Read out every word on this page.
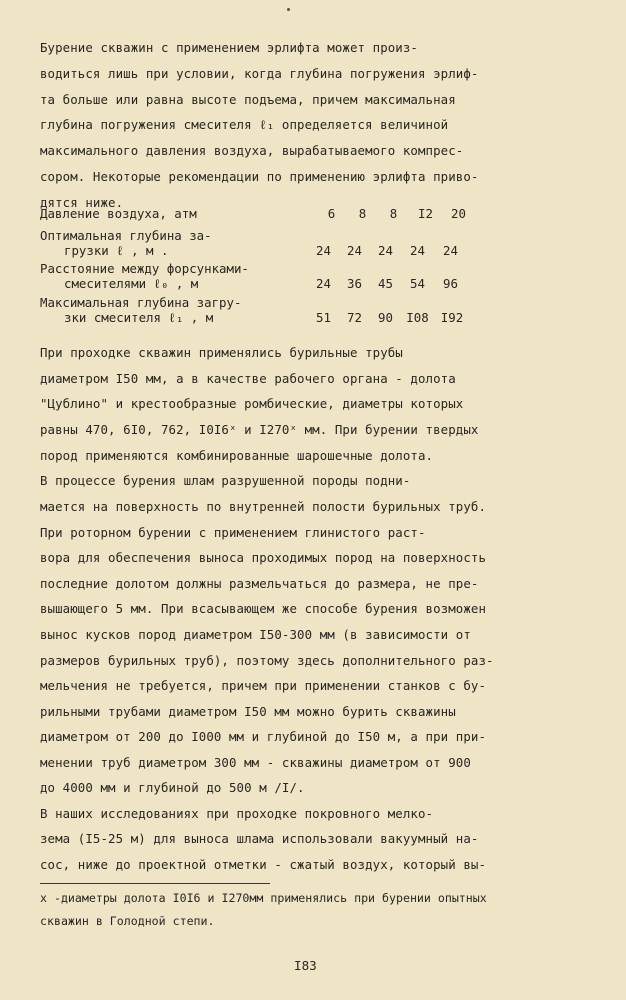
Бурение скважин с применением эрлифта может произ-
водиться лишь при условии, когда глубина погружения эрлиф-
та больше или равна высоте подъема, причем максимальная
глубина погружения смесителя ℓ₁ определяется величиной
максимального давления воздуха, вырабатываемого компрес-
сором. Некоторые рекомендации по применению эрлифта приво-
дятся ниже.
Давление воздуха, атм	6 8 8 I2 20
Оптимальная глубина за-
грузки ℓ , м .	24 24 24 24 24
Расстояние между форсунками-
смесителями ℓ₀ , м	24 36 45 54 96
Максимальная глубина загру-
зки смесителя ℓ₁ , м	51 72 90 I08 I92
При проходке скважин применялись бурильные трубы
диаметром I50 мм, а в качестве рабочего органа - долота
"Цублино" и крестообразные ромбические, диаметры которых
равны 470, 6I0, 762, I0I6ˣ и I270ˣ мм. При бурении твердых
пород применяются комбинированные шарошечные долота.
В процессе бурения шлам разрушенной породы подни-
мается на поверхность по внутренней полости бурильных труб.
При роторном бурении с применением глинистого раст-
вора для обеспечения выноса проходимых пород на поверхность
последние долотом должны размельчаться до размера, не пре-
вышающего 5 мм. При всасывающем же способе бурения возможен
вынос кусков пород диаметром I50-300 мм (в зависимости от
размеров бурильных труб), поэтому здесь дополнительного раз-
мельчения не требуется, причем при применении станков с бу-
рильными трубами диаметром I50 мм можно бурить скважины
диаметром от 200 до I000 мм и глубиной до I50 м, а при при-
менении труб диаметром 300 мм - скважины диаметром от 900
до 4000 мм и глубиной до 500 м /I/.
В наших исследованиях при проходке покровного мелко-
зема (I5-25 м) для выноса шлама использовали вакуумный на-
сос, ниже до проектной отметки - сжатый воздух, который вы-
x -диаметры долота I0I6 и I270мм применялись при бурении опытных
скважин в Голодной степи.
I83
